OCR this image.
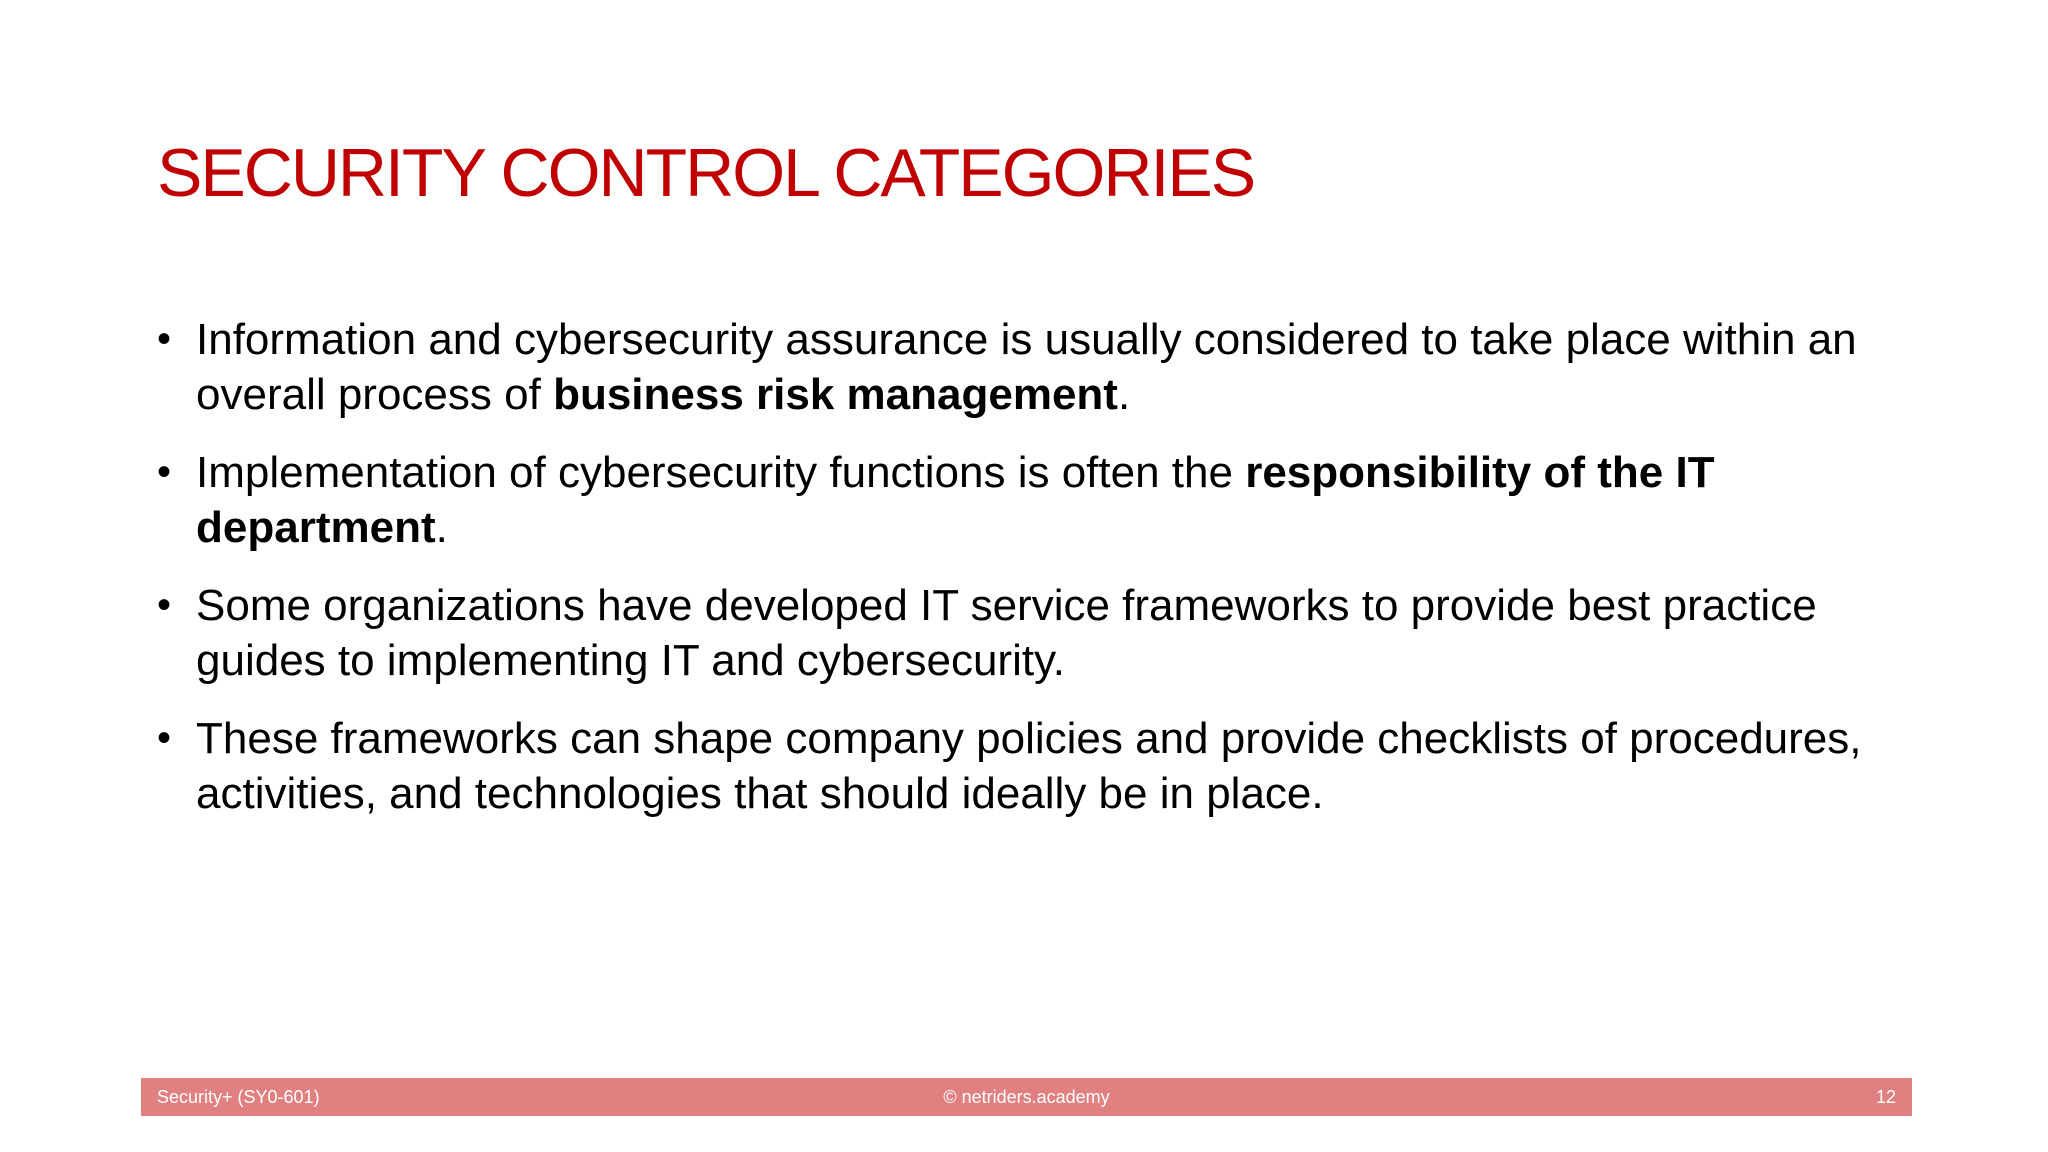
SECURITY CONTROL CATEGORIES
• Information and cybersecurity assurance is usually considered to take place within an overall process of business risk management.
• Implementation of cybersecurity functions is often the responsibility of the IT department.
• Some organizations have developed IT service frameworks to provide best practice guides to implementing IT and cybersecurity.
• These frameworks can shape company policies and provide checklists of procedures, activities, and technologies that should ideally be in place.
Security+ (SY0-601)	© netriders.academy	12
